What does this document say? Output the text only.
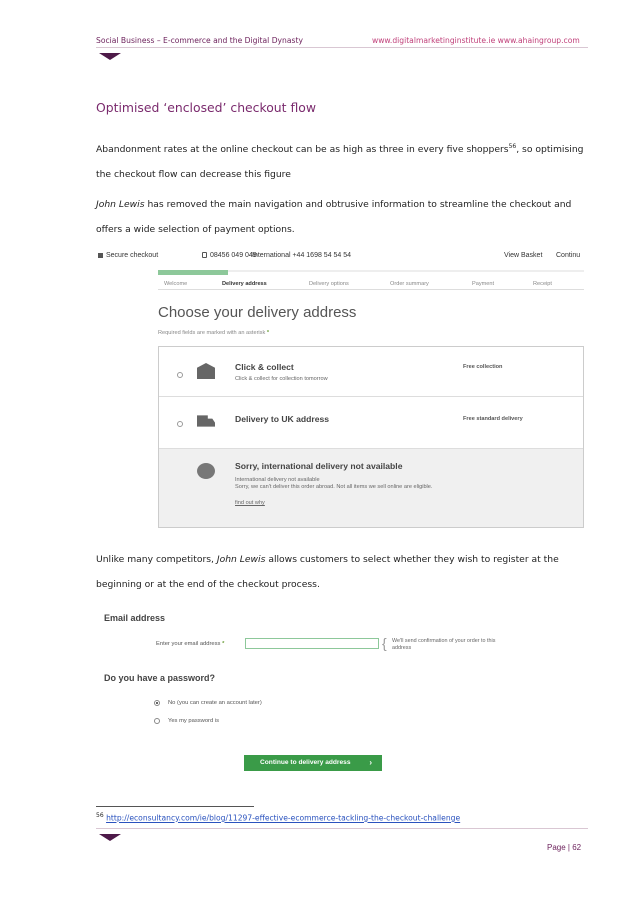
Social Business – E-commerce and the Digital Dynasty	www.digitalmarketinginstitute.ie www.ahaingroup.com
Optimised ‘enclosed’ checkout flow

Abandonment rates at the online checkout can be as high as three in every five shoppers$^{56}$, so optimising the checkout flow can decrease this figure

John Lewis has removed the main navigation and obtrusive information to streamline the checkout and offers a wide selection of payment options.

Secure checkout	08456 049 049
International +44 1698 54 54 54	View Basket Continu
Welcome	Delivery address	Delivery options	Order summary	Payment	Receipt
Choose your delivery address
Required fields are marked with an asterisk *
Click & collect
Click & collect for collection tomorrow
Free collection
Delivery to UK address	Free standard delivery
Sorry, international delivery not available
International delivery not available
Sorry, we can't deliver this order abroad. Not all items we sell online are eligible.
find out why

Unlike many competitors, John Lewis allows customers to select whether they wish to register at the beginning or at the end of the checkout process.

Email address
Enter your email address *	{ We'll send confirmation of your order to this address
Do you have a password?
No (you can create an account later)
Yes my password is
Continue to delivery address ›
$^{56}$ http://econsultancy.com/ie/blog/11297-effective-ecommerce-tackling-the-checkout-challenge
Page | 62
